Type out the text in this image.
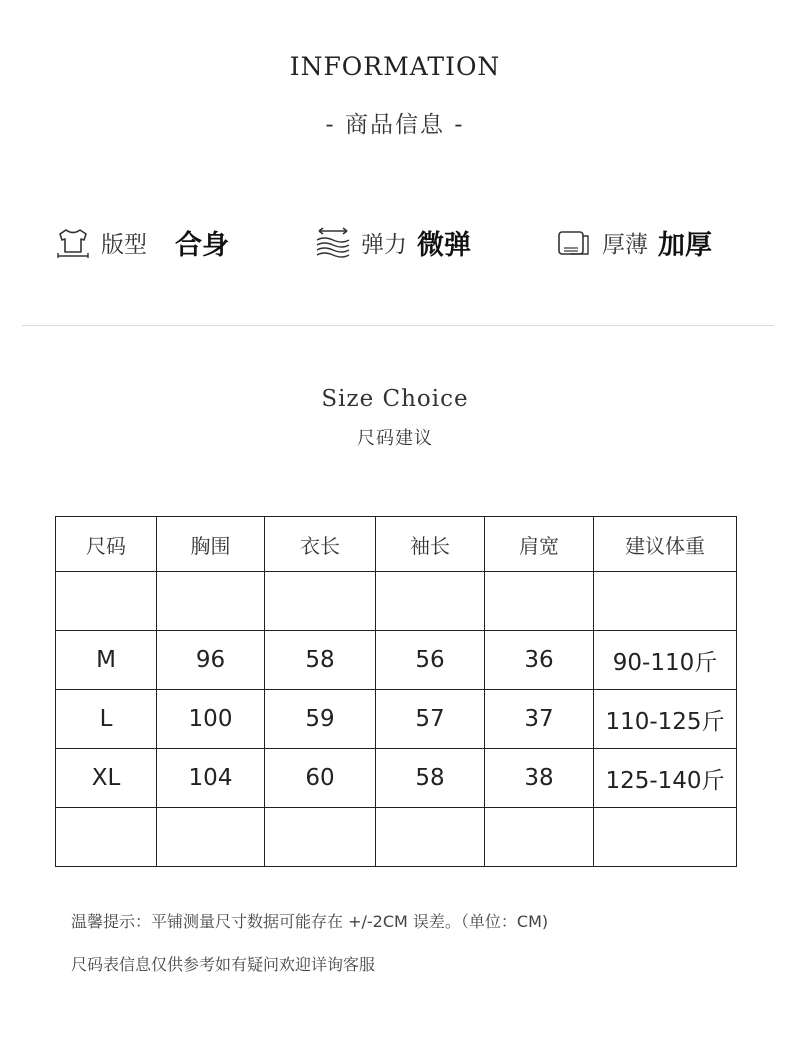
INFORMATION
- 商品信息 -
版型 合身	弹力 微弹	厚薄 加厚
Size Choice
尺码建议
尺码	胸围	衣长	袖长	肩宽	建议体重

M	96	58	56	36	90-110斤
L	100	59	57	37	110-125斤
XL	104	60	58	38	125-140斤

温馨提示：平铺测量尺寸数据可能存在 +/-2CM 误差。（单位：CM)
尺码表信息仅供参考如有疑问欢迎详询客服
